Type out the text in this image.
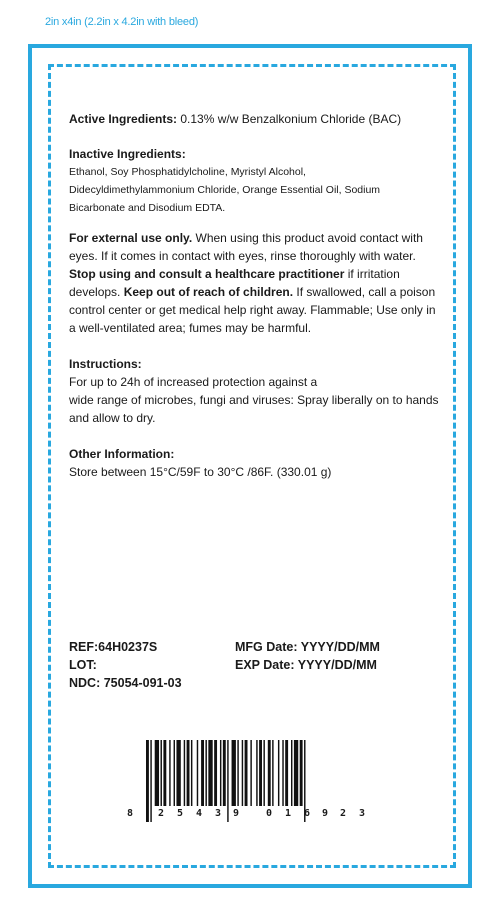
2in x4in (2.2in x 4.2in with bleed)

Active Ingredients: 0.13% w/w Benzalkonium Chloride (BAC)

Inactive Ingredients:

Ethanol, Soy Phosphatidylcholine, Myristyl Alcohol,
Didecyldimethylammonium Chloride, Orange Essential Oil, Sodium
Bicarbonate and Disodium EDTA.

For external use only. When using this product avoid contact with eyes. If it comes in contact with eyes, rinse thoroughly with water. Stop using and consult a healthcare practitioner if irritation develops. Keep out of reach of children. If swallowed, call a poison control center or get medical help right away. Flammable; Use only in a well-ventilated area; fumes may be harmful.

Instructions:
For up to 24h of increased protection against a
wide range of microbes, fungi and viruses: Spray liberally on to hands and allow to dry.

Other Information:
Store between 15°C/59F to 30°C /86F. (330.01 g)

REF:64H0237S
LOT:
NDC: 75054-091-03
MFG Date: YYYY/DD/MM
EXP Date: YYYY/DD/MM
8 2 5 4 3 9	0 1 6 9 2 3
